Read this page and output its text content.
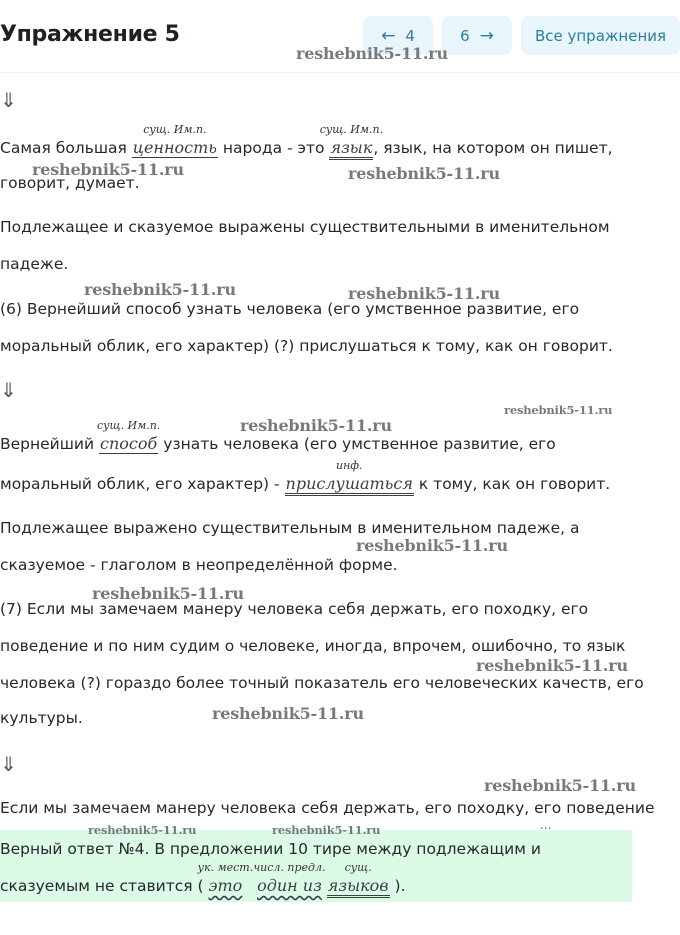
Упражнение 5	← 4	6 →	Все упражнения
reshebnik5-11.ru
reshebnik5-11.ru	reshebnik5-11.ru
reshebnik5-11.ru	reshebnik5-11.ru
reshebnik5-11.ru
reshebnik5-11.ru
reshebnik5-11.ru
reshebnik5-11.ru
reshebnik5-11.ru
reshebnik5-11.ru
reshebnik5-11.ru
⇓
Самая большая
сущ. Им.п.
ценность народа - это
сущ. Им.п.
язык, язык, на котором он пишет,
говорит, думает.
Подлежащее и сказуемое выражены существительными в именительном
падеже.
(6) Вернейший способ узнать человека (его умственное развитие, его
моральный облик, его характер) (?) прислушаться к тому, как он говорит.
⇓
Вернейший
сущ. Им.п.
способ узнать человека (его умственное развитие, его
моральный облик, его характер) -
инф.
прислушаться к тому, как он говорит.
Подлежащее выражено существительным в именительном падеже, а
сказуемое - глаголом в неопределённой форме.
(7) Если мы замечаем манеру человека себя держать, его походку, его
поведение и по ним судим о человеке, иногда, впрочем, ошибочно, то язык
человека (?) гораздо более точный показатель его человеческих качеств, его
культуры.
⇓
Если мы замечаем манеру человека себя держать, его походку, его поведение
reshebnik5-11.ru	reshebnik5-11.ru	...
Верный ответ №4. В предложении 10 тире между подлежащим и
сказуемым не ставится (
ук. мест.
это
числ. предл.
один из
сущ.
языков ).
